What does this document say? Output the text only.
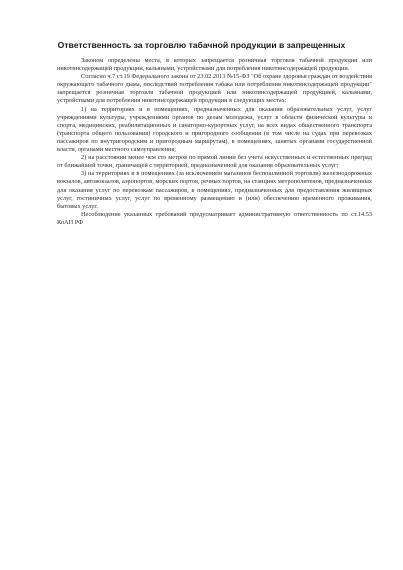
Ответственность за торговлю табачной продукции в запрещенных

Законом определены места, в которых запрещается розничная торговля табачной продукции или никотинсодержащей продукции, кальянами, устройствами для потребления никотинсодержащей продукции.

Согласно ч.7 ст.19 Федерального закона от 23.02.2013 №15-ФЗ "Об охране здоровья граждан от воздействия окружающего табачного дыма, последствий потребления табака или потребления никотинсодержащей продукции" запрещается розничная торговля табачной продукцией или никотинсодержащей продукцией, кальянами, устройствами для потребления никотинсодержащей продукции в следующих местах:

1) на территориях и в помещениях, предназначенных для оказания образовательных услуг, услуг учреждениями культуры, учреждениями органов по делам молодежи, услуг в области физической культуры и спорта, медицинских, реабилитационных и санаторно-курортных услуг, на всех видах общественного транспорта (транспорта общего пользования) городского и пригородного сообщения (в том числе на судах при перевозках пассажиров по внутригородским и пригородным маршрутам), в помещениях, занятых органами государственной власти, органами местного самоуправления;

2) на расстоянии менее чем сто метров по прямой линии без учета искусственных и естественных преград от ближайшей точки, граничащей с территорией, предназначенной для оказания образовательных услуг;

3) на территориях и в помещениях (за исключением магазинов беспошлинной торговли) железнодорожных вокзалов, автовокзалов, аэропортов, морских портов, речных портов, на станциях метрополитенов, предназначенных для оказания услуг по перевозкам пассажиров, в помещениях, предназначенных для предоставления жилищных услуг, гостиничных услуг, услуг по временному размещению и (или) обеспечению временного проживания, бытовых услуг.

Несоблюдение указанных требований предусматривает административную ответственность по ст.14.53 КоАП РФ
